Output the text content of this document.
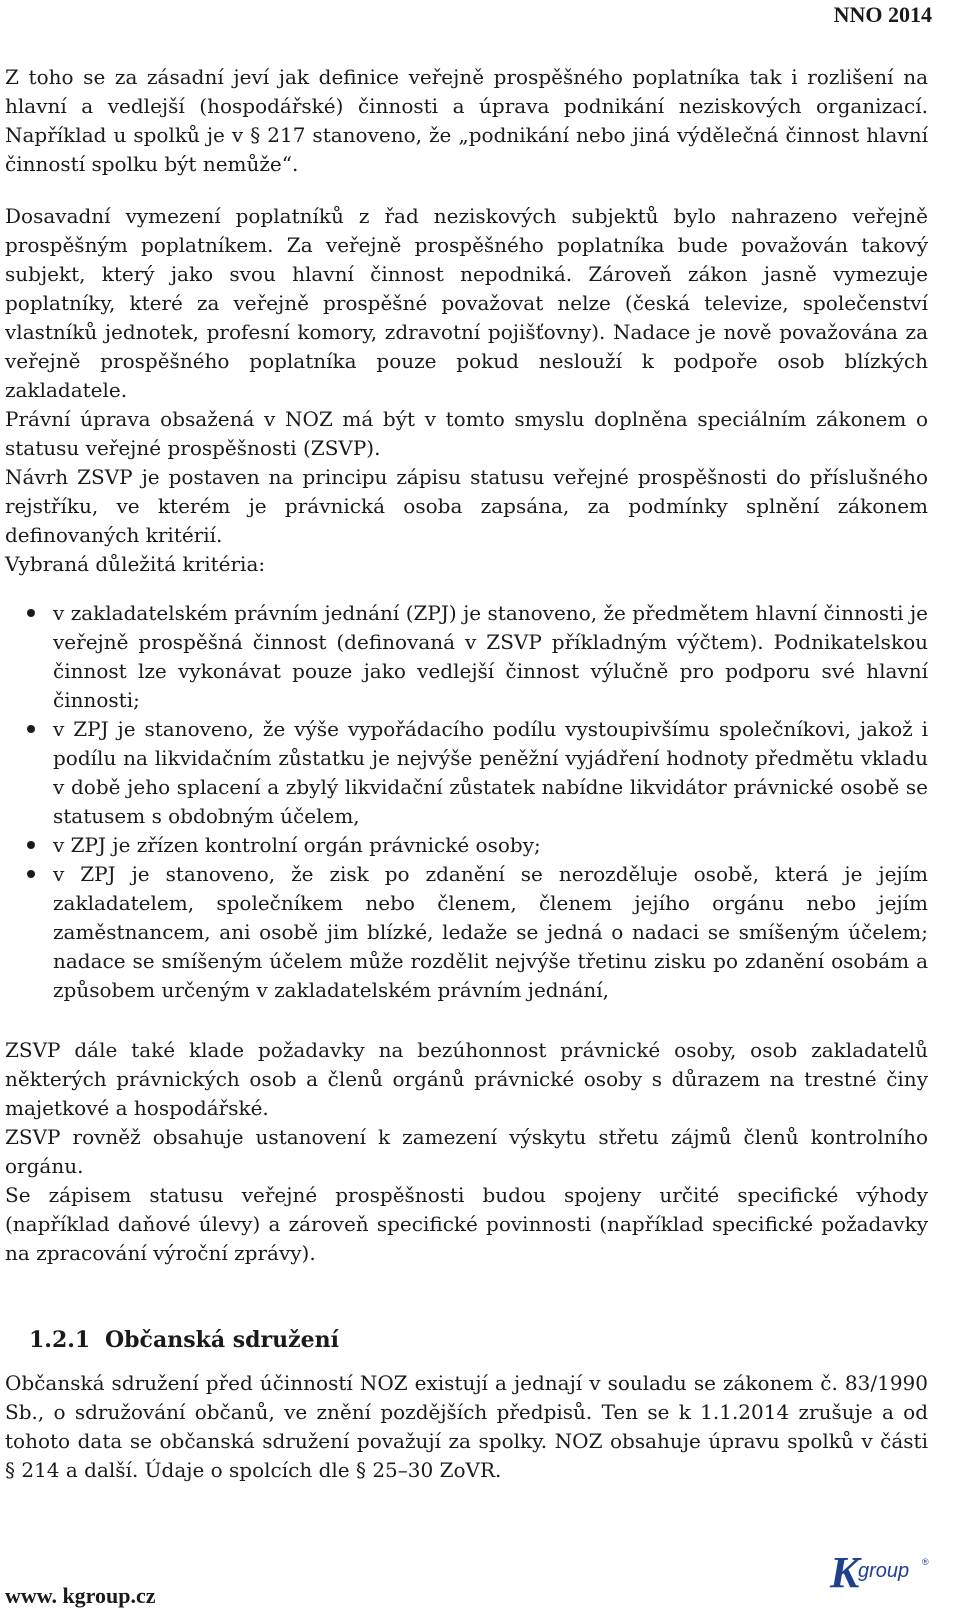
NNO 2014

Z toho se za zásadní jeví jak definice veřejně prospěšného poplatníka tak i rozlišení na hlavní a vedlejší (hospodářské) činnosti a úprava podnikání neziskových organizací. Například u spolků je v § 217 stanoveno, že „podnikání nebo jiná výdělečná činnost hlavní činností spolku být nemůže“.

Dosavadní vymezení poplatníků z řad neziskových subjektů bylo nahrazeno veřejně prospěšným poplatníkem. Za veřejně prospěšného poplatníka bude považován takový subjekt, který jako svou hlavní činnost nepodniká. Zároveň zákon jasně vymezuje poplatníky, které za veřejně prospěšné považovat nelze (česká televize, společenství vlastníků jednotek, profesní komory, zdravotní pojišťovny). Nadace je nově považována za veřejně prospěšného poplatníka pouze pokud neslouží k podpoře osob blízkých zakladatele.

Právní úprava obsažená v NOZ má být v tomto smyslu doplněna speciálním zákonem o statusu veřejné prospěšnosti (ZSVP).

Návrh ZSVP je postaven na principu zápisu statusu veřejné prospěšnosti do příslušného rejstříku, ve kterém je právnická osoba zapsána, za podmínky splnění zákonem definovaných kritérií.

Vybraná důležitá kritéria:

v zakladatelském právním jednání (ZPJ) je stanoveno, že předmětem hlavní činnosti je veřejně prospěšná činnost (definovaná v ZSVP příkladným výčtem). Podnikatelskou činnost lze vykonávat pouze jako vedlejší činnost výlučně pro podporu své hlavní činnosti;
v ZPJ je stanoveno, že výše vypořádacího podílu vystoupivšímu společníkovi, jakož i podílu na likvidačním zůstatku je nejvýše peněžní vyjádření hodnoty předmětu vkladu v době jeho splacení a zbylý likvidační zůstatek nabídne likvidátor právnické osobě se statusem s obdobným účelem,
v ZPJ je zřízen kontrolní orgán právnické osoby;
v ZPJ je stanoveno, že zisk po zdanění se nerozděluje osobě, která je jejím zakladatelem, společníkem nebo členem, členem jejího orgánu nebo jejím zaměstnancem, ani osobě jim blízké, ledaže se jedná o nadaci se smíšeným účelem; nadace se smíšeným účelem může rozdělit nejvýše třetinu zisku po zdanění osobám a způsobem určeným v zakladatelském právním jednání,

ZSVP dále také klade požadavky na bezúhonnost právnické osoby, osob zakladatelů některých právnických osob a členů orgánů právnické osoby s důrazem na trestné činy majetkové a hospodářské.

ZSVP rovněž obsahuje ustanovení k zamezení výskytu střetu zájmů členů kontrolního orgánu.

Se zápisem statusu veřejné prospěšnosti budou spojeny určité specifické výhody (například daňové úlevy) a zároveň specifické povinnosti (například specifické požadavky na zpracování výroční zprávy).

1.2.1 Občanská sdružení

Občanská sdružení před účinností NOZ existují a jednají v souladu se zákonem č. 83/1990 Sb., o sdružování občanů, ve znění pozdějších předpisů. Ten se k 1.1.2014 zrušuje a od tohoto data se občanská sdružení považují za spolky. NOZ obsahuje úpravu spolků v části § 214 a další. Údaje o spolcích dle § 25–30 ZoVR.

www. kgroup.cz	K
group ®
